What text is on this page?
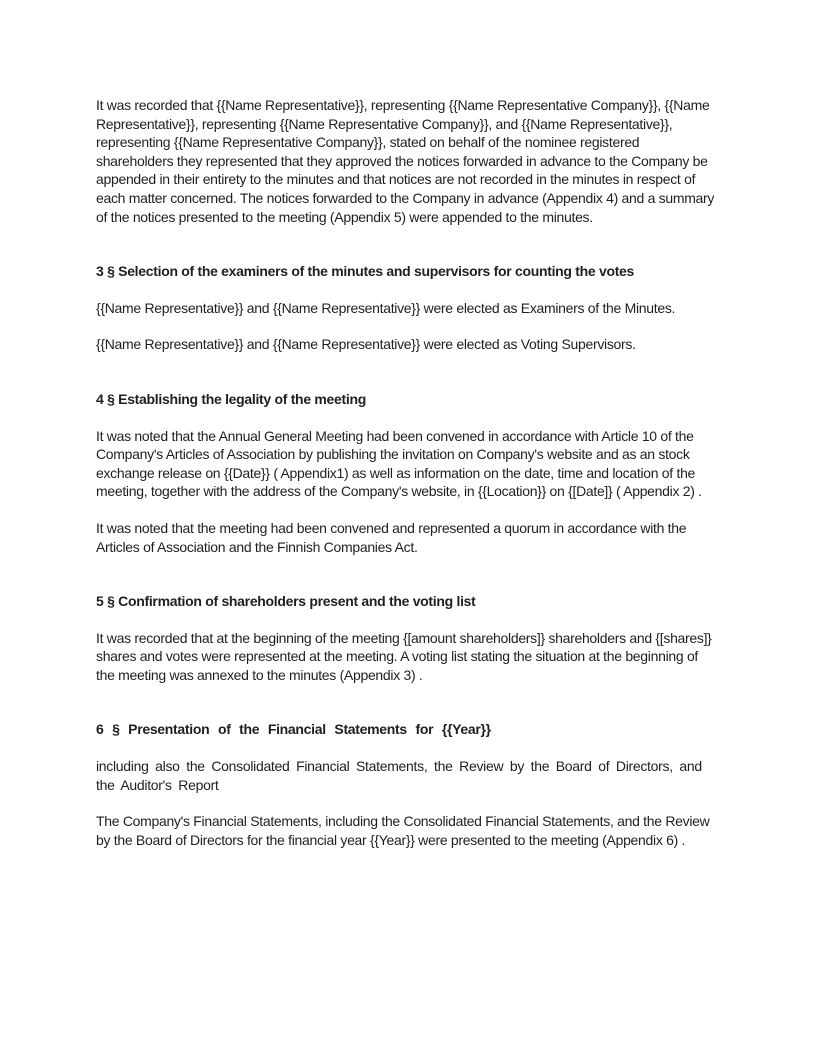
It was recorded that {{Name Representative}}, representing {{Name Representative Company}}, {{Name Representative}}, representing {{Name Representative Company}}, and {{Name Representative}}, representing {{Name Representative Company}}, stated on behalf of the nominee registered shareholders they represented that they approved the notices forwarded in advance to the Company be appended in their entirety to the minutes and that notices are not recorded in the minutes in respect of each matter concerned. The notices forwarded to the Company in advance (Appendix 4) and a summary of the notices presented to the meeting (Appendix 5) were appended to the minutes.

3 § Selection of the examiners of the minutes and supervisors for counting the votes

{{Name Representative}} and {{Name Representative}} were elected as Examiners of the Minutes.

{{Name Representative}} and {{Name Representative}} were elected as Voting Supervisors.

4 § Establishing the legality of the meeting

It was noted that the Annual General Meeting had been convened in accordance with Article 10 of the Company's Articles of Association by publishing the invitation on Company's website and as an stock exchange release on {{Date}} ( Appendix1) as well as information on the date, time and location of the meeting, together with the address of the Company's website, in {{Location}} on {[Date]} ( Appendix 2) .

It was noted that the meeting had been convened and represented a quorum in accordance with the Articles of Association and the Finnish Companies Act.

5 § Confirmation of shareholders present and the voting list

It was recorded that at the beginning of the meeting {[amount shareholders]} shareholders and {[shares]} shares and votes were represented at the meeting. A voting list stating the situation at the beginning of the meeting was annexed to the minutes (Appendix 3) .

6 § Presentation of the Financial Statements for {{Year}}

including also the Consolidated Financial Statements, the Review by the Board of Directors, and the Auditor's Report

The Company's Financial Statements, including the Consolidated Financial Statements, and the Review by the Board of Directors for the financial year {{Year}} were presented to the meeting (Appendix 6) .
